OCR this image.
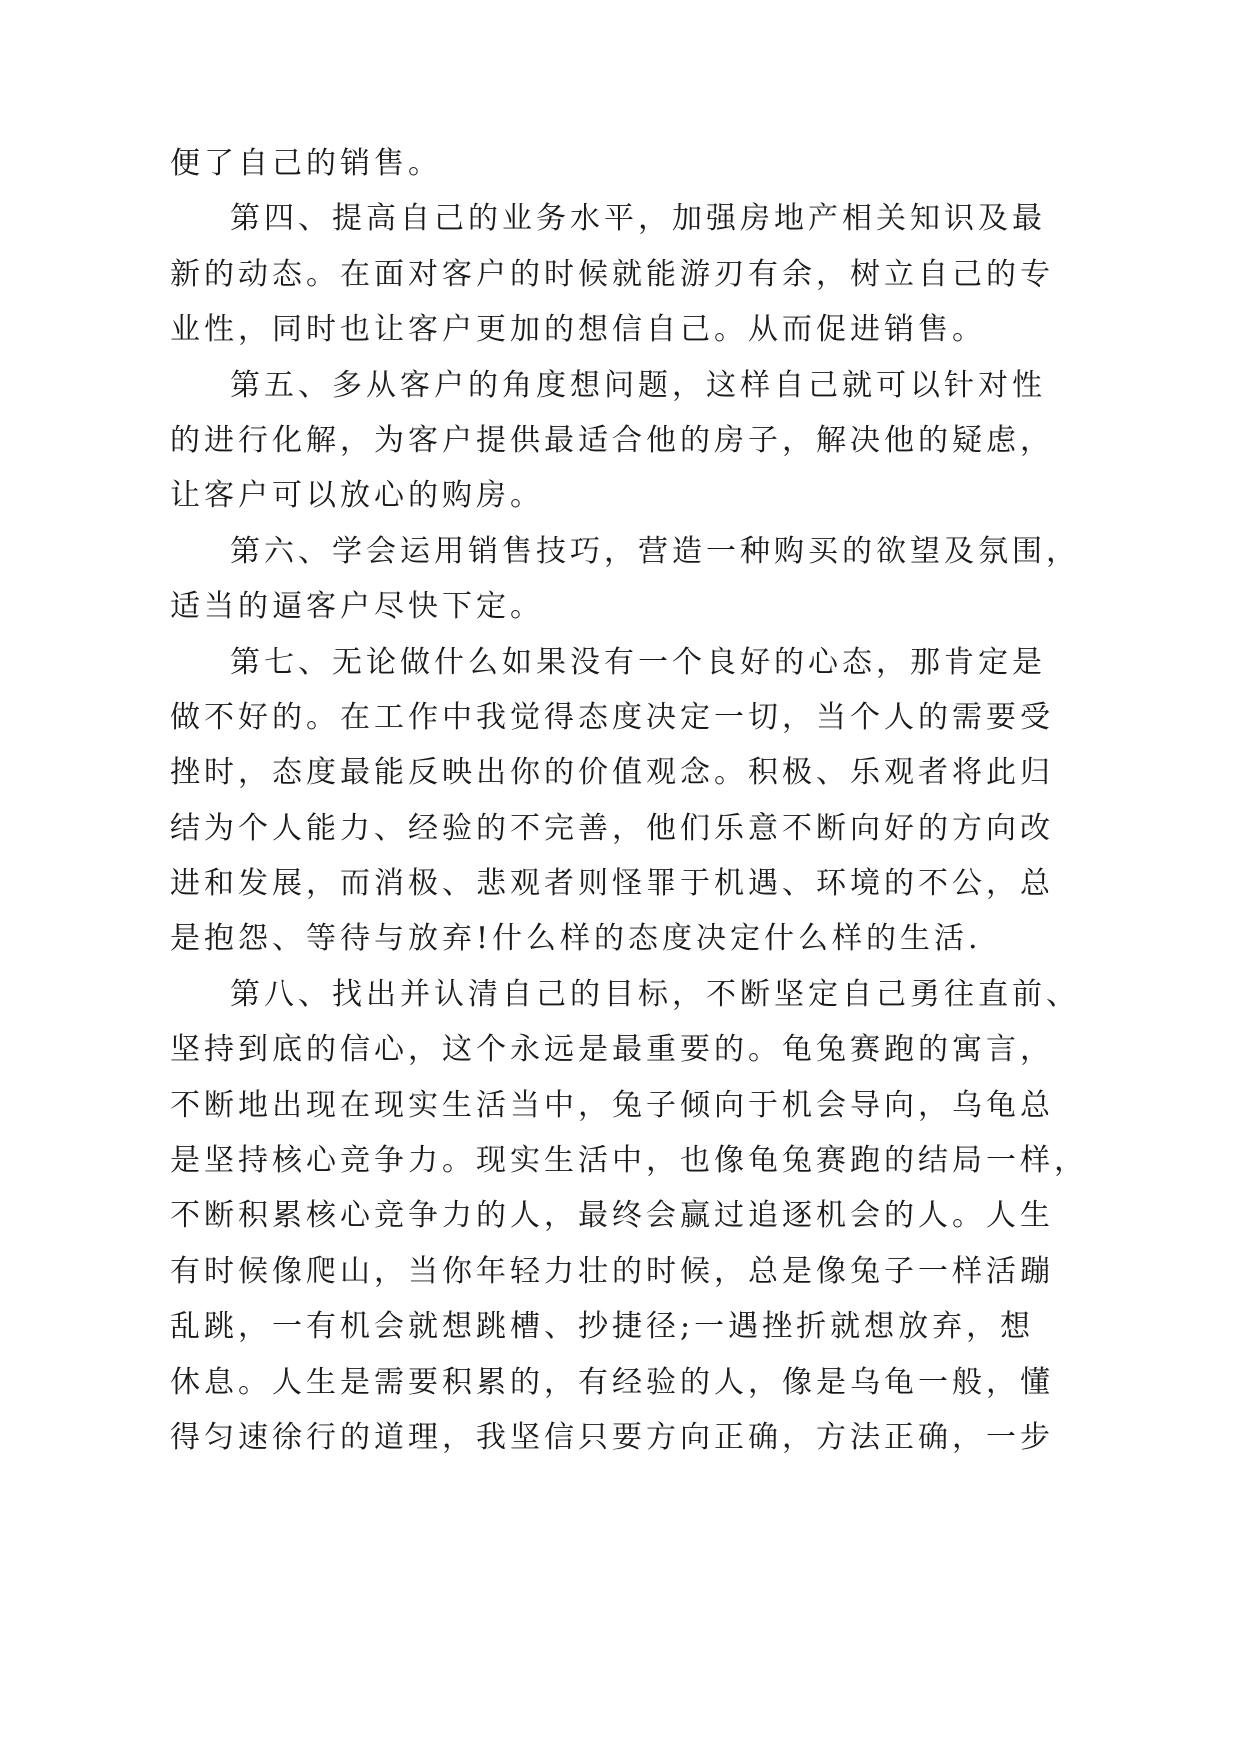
便了自己的销售。
第四、提高自己的业务水平，加强房地产相关知识及最
新的动态。在面对客户的时候就能游刃有余，树立自己的专
业性，同时也让客户更加的想信自己。从而促进销售。
第五、多从客户的角度想问题，这样自己就可以针对性
的进行化解，为客户提供最适合他的房子，解决他的疑虑，
让客户可以放心的购房。
第六、学会运用销售技巧，营造一种购买的欲望及氛围，
适当的逼客户尽快下定。
第七、无论做什么如果没有一个良好的心态，那肯定是
做不好的。在工作中我觉得态度决定一切，当个人的需要受
挫时，态度最能反映出你的价值观念。积极、乐观者将此归
结为个人能力、经验的不完善，他们乐意不断向好的方向改
进和发展，而消极、悲观者则怪罪于机遇、环境的不公，总
是抱怨、等待与放弃!什么样的态度决定什么样的生活.
第八、找出并认清自己的目标，不断坚定自己勇往直前、
坚持到底的信心，这个永远是最重要的。龟兔赛跑的寓言，
不断地出现在现实生活当中，兔子倾向于机会导向，乌龟总
是坚持核心竞争力。现实生活中，也像龟兔赛跑的结局一样，
不断积累核心竞争力的人，最终会赢过追逐机会的人。人生
有时候像爬山，当你年轻力壮的时候，总是像兔子一样活蹦
乱跳，一有机会就想跳槽、抄捷径;一遇挫折就想放弃，想
休息。人生是需要积累的，有经验的人，像是乌龟一般，懂
得匀速徐行的道理，我坚信只要方向正确，方法正确，一步
